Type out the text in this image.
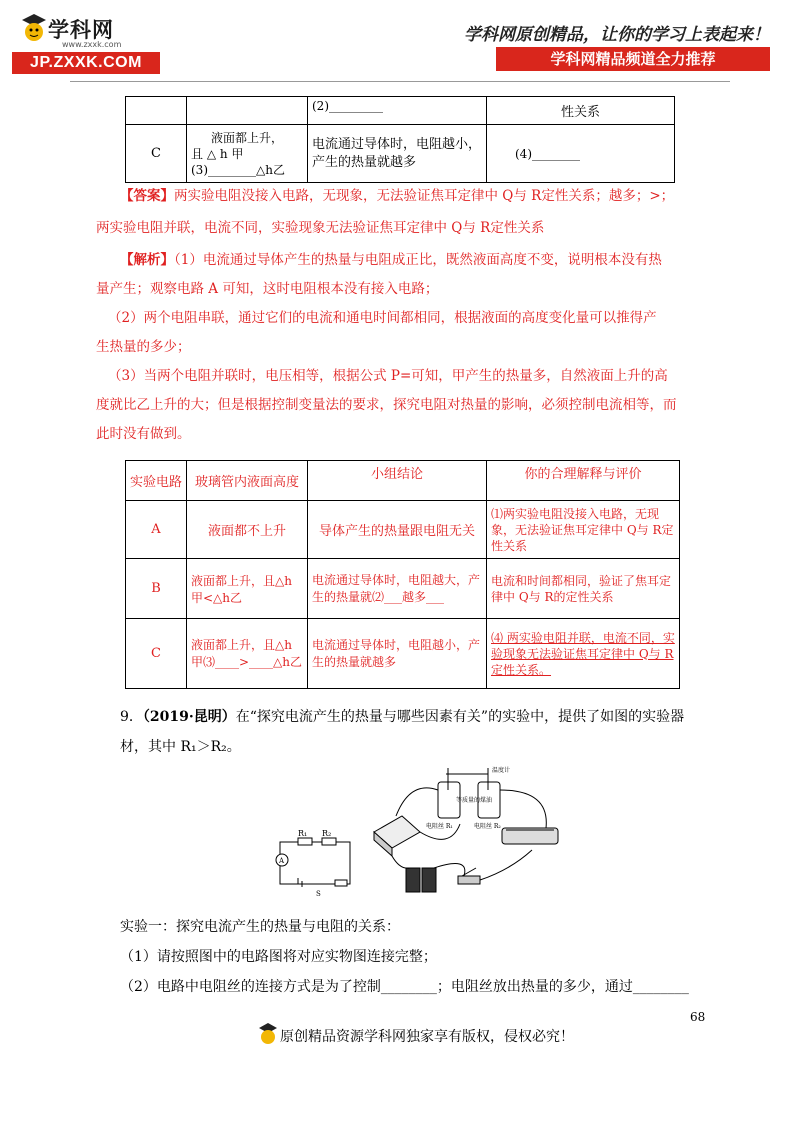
学科网
www.zxxk.com
JP.ZXXK.COM
学科网原创精品，让你的学习上表起来！
学科网精品频道全力推荐
		(2)_________	性关系
C	液面都上升，
且 △ h 甲
(3)________△h乙	电流通过导体时，电阻越小，产生的热量就越多	(4)________
【答案】两实验电阻没接入电路，无现象，无法验证焦耳定律中 Q与 R定性关系；越多；>；
两实验电阻并联，电流不同，实验现象无法验证焦耳定律中 Q与 R定性关系
【解析】（1）电流通过导体产生的热量与电阻成正比，既然液面高度不变，说明根本没有热
量产生；观察电路 A 可知，这时电阻根本没有接入电路；
（2）两个电阻串联，通过它们的电流和通电时间都相同，根据液面的高度变化量可以推得产
生热量的多少；
（3）当两个电阻并联时，电压相等，根据公式 P=可知，甲产生的热量多，自然液面上升的高
度就比乙上升的大；但是根据控制变量法的要求，探究电阻对热量的影响，必须控制电流相等，而
此时没有做到。
实验电路	玻璃管内液面高度	小组结论	你的合理解释与评价
A	液面都不上升	导体产生的热量跟电阻无关	⑴两实验电阻没接入电路，无现象，无法验证焦耳定律中 Q与 R定性关系
B	液面都上升，且△h甲<△h乙	电流通过导体时，电阻越大，产生的热量就⑵___越多___	电流和时间都相同，验证了焦耳定律中 Q与 R的定性关系
C	液面都上升，且△h甲⑶____>____△h乙	电流通过导体时，电阻越小，产生的热量就越多	⑷ 两实验电阻并联，电流不同，实验现象无法验证焦耳定律中 Q与 R定性关系。
9．（2019·昆明）在“探究电流产生的热量与哪些因素有关”的实验中，提供了如图的实验器
材，其中 R₁＞R₂。
R₁ R₂
A
S
温度计
等质量的煤油
电阻丝 R₁	电阻丝 R₂
实验一：探究电流产生的热量与电阻的关系：
（1）请按照图中的电路图将对应实物图连接完整；
（2）电路中电阻丝的连接方式是为了控制________；电阻丝放出热量的多少，通过________
68
原创精品资源学科网独家享有版权，侵权必究！
